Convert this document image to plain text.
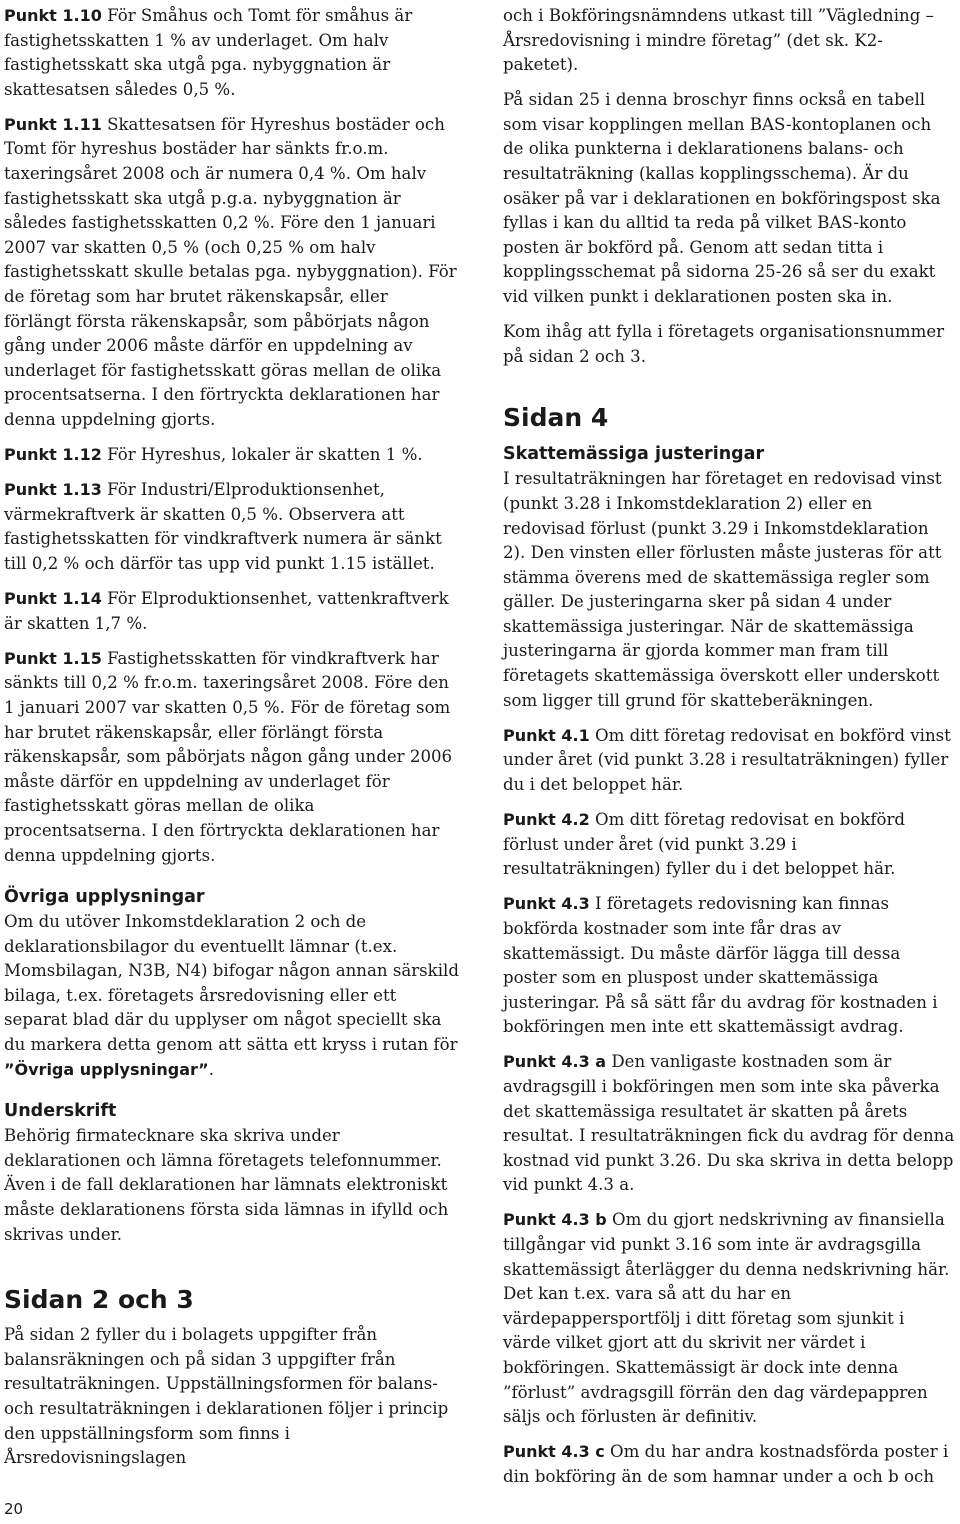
Punkt 1.10 För Småhus och Tomt för småhus är fastighetsskatten 1 % av underlaget. Om halv fastighetsskatt ska utgå pga. nybyggnation är skattesatsen således 0,5 %.

Punkt 1.11 Skattesatsen för Hyreshus bostäder och Tomt för hyreshus bostäder har sänkts fr.o.m. taxeringsåret 2008 och är numera 0,4 %. Om halv fastighetsskatt ska utgå p.g.a. nybyggnation är således fastighetsskatten 0,2 %. Före den 1 januari 2007 var skatten 0,5 % (och 0,25 % om halv fastighetsskatt skulle betalas pga. nybyggnation). För de företag som har brutet räkenskapsår, eller förlängt första räkenskapsår, som påbörjats någon gång under 2006 måste därför en uppdelning av underlaget för fastighetsskatt göras mellan de olika procentsatserna. I den förtryckta deklarationen har denna uppdelning gjorts.

Punkt 1.12 För Hyreshus, lokaler är skatten 1 %.

Punkt 1.13 För Industri/Elproduktionsenhet, värmekraftverk är skatten 0,5 %. Observera att fastighetsskatten för vindkraftverk numera är sänkt till 0,2 % och därför tas upp vid punkt 1.15 istället.

Punkt 1.14 För Elproduktionsenhet, vattenkraftverk är skatten 1,7 %.

Punkt 1.15 Fastighetsskatten för vindkraftverk har sänkts till 0,2 % fr.o.m. taxeringsåret 2008. Före den 1 januari 2007 var skatten 0,5 %. För de företag som har brutet räkenskapsår, eller förlängt första räkenskapsår, som påbörjats någon gång under 2006 måste därför en uppdelning av underlaget för fastighetsskatt göras mellan de olika procentsatserna. I den förtryckta deklarationen har denna uppdelning gjorts.

Övriga upplysningar

Om du utöver Inkomstdeklaration 2 och de deklarationsbilagor du eventuellt lämnar (t.ex. Momsbilagan, N3B, N4) bifogar någon annan särskild bilaga, t.ex. företagets årsredovisning eller ett separat blad där du upplyser om något speciellt ska du markera detta genom att sätta ett kryss i rutan för ”Övriga upplysningar”.

Underskrift

Behörig firmatecknare ska skriva under deklarationen och lämna företagets telefonnummer. Även i de fall deklarationen har lämnats elektroniskt måste deklarationens första sida lämnas in ifylld och skrivas under.

Sidan 2 och 3

På sidan 2 fyller du i bolagets uppgifter från balansräkningen och på sidan 3 uppgifter från resultaträkningen. Uppställningsformen för balans- och resultaträkningen i deklarationen följer i princip den uppställningsform som finns i Årsredovisningslagen

och i Bokföringsnämndens utkast till ”Vägledning – Årsredovisning i mindre företag” (det sk. K2-paketet).

På sidan 25 i denna broschyr finns också en tabell som visar kopplingen mellan BAS-kontoplanen och de olika punkterna i deklarationens balans- och resultaträkning (kallas kopplingsschema). Är du osäker på var i deklarationen en bokföringspost ska fyllas i kan du alltid ta reda på vilket BAS-konto posten är bokförd på. Genom att sedan titta i kopplingsschemat på sidorna 25-26 så ser du exakt vid vilken punkt i deklarationen posten ska in.

Kom ihåg att fylla i företagets organisationsnummer på sidan 2 och 3.

Sidan 4
Skattemässiga justeringar

I resultaträkningen har företaget en redovisad vinst (punkt 3.28 i Inkomstdeklaration 2) eller en redovisad förlust (punkt 3.29 i Inkomstdeklaration 2). Den vinsten eller förlusten måste justeras för att stämma överens med de skattemässiga regler som gäller. De justeringarna sker på sidan 4 under skattemässiga justeringar. När de skattemässiga justeringarna är gjorda kommer man fram till företagets skattemässiga överskott eller underskott som ligger till grund för skatteberäkningen.

Punkt 4.1 Om ditt företag redovisat en bokförd vinst under året (vid punkt 3.28 i resultaträkningen) fyller du i det beloppet här.

Punkt 4.2 Om ditt företag redovisat en bokförd förlust under året (vid punkt 3.29 i resultaträkningen) fyller du i det beloppet här.

Punkt 4.3 I företagets redovisning kan finnas bokförda kostnader som inte får dras av skattemässigt. Du måste därför lägga till dessa poster som en pluspost under skattemässiga justeringar. På så sätt får du avdrag för kostnaden i bokföringen men inte ett skattemässigt avdrag.

Punkt 4.3 a Den vanligaste kostnaden som är avdragsgill i bokföringen men som inte ska påverka det skattemässiga resultatet är skatten på årets resultat. I resultaträkningen fick du avdrag för denna kostnad vid punkt 3.26. Du ska skriva in detta belopp vid punkt 4.3 a.

Punkt 4.3 b Om du gjort nedskrivning av finansiella tillgångar vid punkt 3.16 som inte är avdragsgilla skattemässigt återlägger du denna nedskrivning här. Det kan t.ex. vara så att du har en värdepappersportfölj i ditt företag som sjunkit i värde vilket gjort att du skrivit ner värdet i bokföringen. Skattemässigt är dock inte denna ”förlust” avdragsgill förrän den dag värdepappren säljs och förlusten är definitiv.

Punkt 4.3 c Om du har andra kostnadsförda poster i din bokföring än de som hamnar under a och b och

20
